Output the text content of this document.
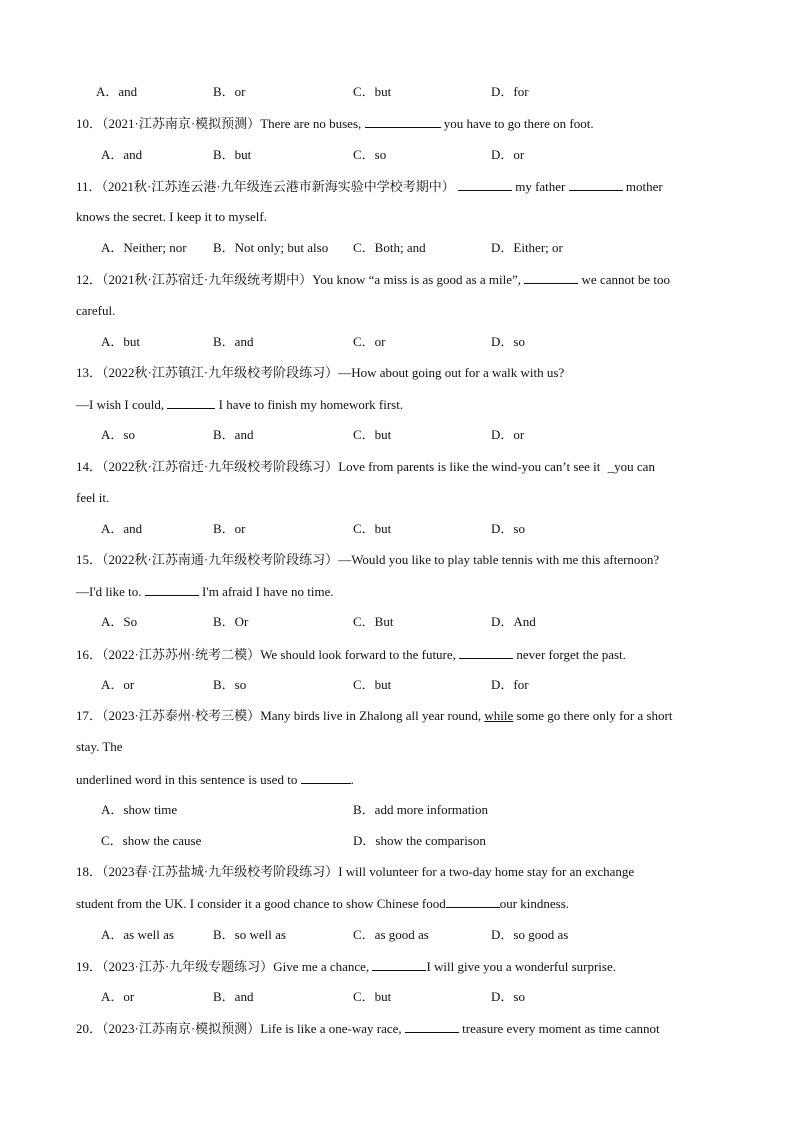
A．and	B．or	C．but	D．for
10．（2021·江苏南京·模拟预测）There are no buses,	you have to go there on foot.
A．and	B．but	C．so	D．or
11．（2021秋·江苏连云港·九年级连云港市新海实验中学校考期中）	my father	mother
knows the secret. I keep it to myself.
A．Neither; nor B．Not only; but also C．Both; and	D．Either; or
12．（2021秋·江苏宿迁·九年级统考期中）You know “a miss is as good as a mile”,	we cannot be too
careful.
A．but	B．and	C．or	D．so
13．（2022秋·江苏镇江·九年级校考阶段练习）—How about going out for a walk with us?
—I wish I could,	I have to finish my homework first.
A．so	B．and	C．but	D．or
14．（2022秋·江苏宿迁·九年级校考阶段练习）Love from parents is like the wind-you can’t see it _you can
feel it.
A．and	B．or	C．but	D．so
15．（2022秋·江苏南通·九年级校考阶段练习）—Would you like to play table tennis with me this afternoon?
—I'd like to.	I'm afraid I have no time.
A．So	B．Or	C．But	D．And
16．（2022·江苏苏州·统考二模）We should look forward to the future,	never forget the past.
A．or	B．so	C．but	D．for
17．（2023·江苏泰州·校考三模）Many birds live in Zhalong all year round, while some go there only for a short
stay. The
underlined word in this sentence is used to	.
A．show time	B．add more information
C．show the cause	D．show the comparison
18．（2023春·江苏盐城·九年级校考阶段练习）I will volunteer for a two-day home stay for an exchange
student from the UK. I consider it a good chance to show Chinese food	our kindness.
A．as well as	B．so well as	C．as good as	D．so good as
19．（2023·江苏·九年级专题练习）Give me a chance,	I will give you a wonderful surprise.
A．or	B．and	C．but	D．so
20．（2023·江苏南京·模拟预测）Life is like a one-way race,	treasure every moment as time cannot
